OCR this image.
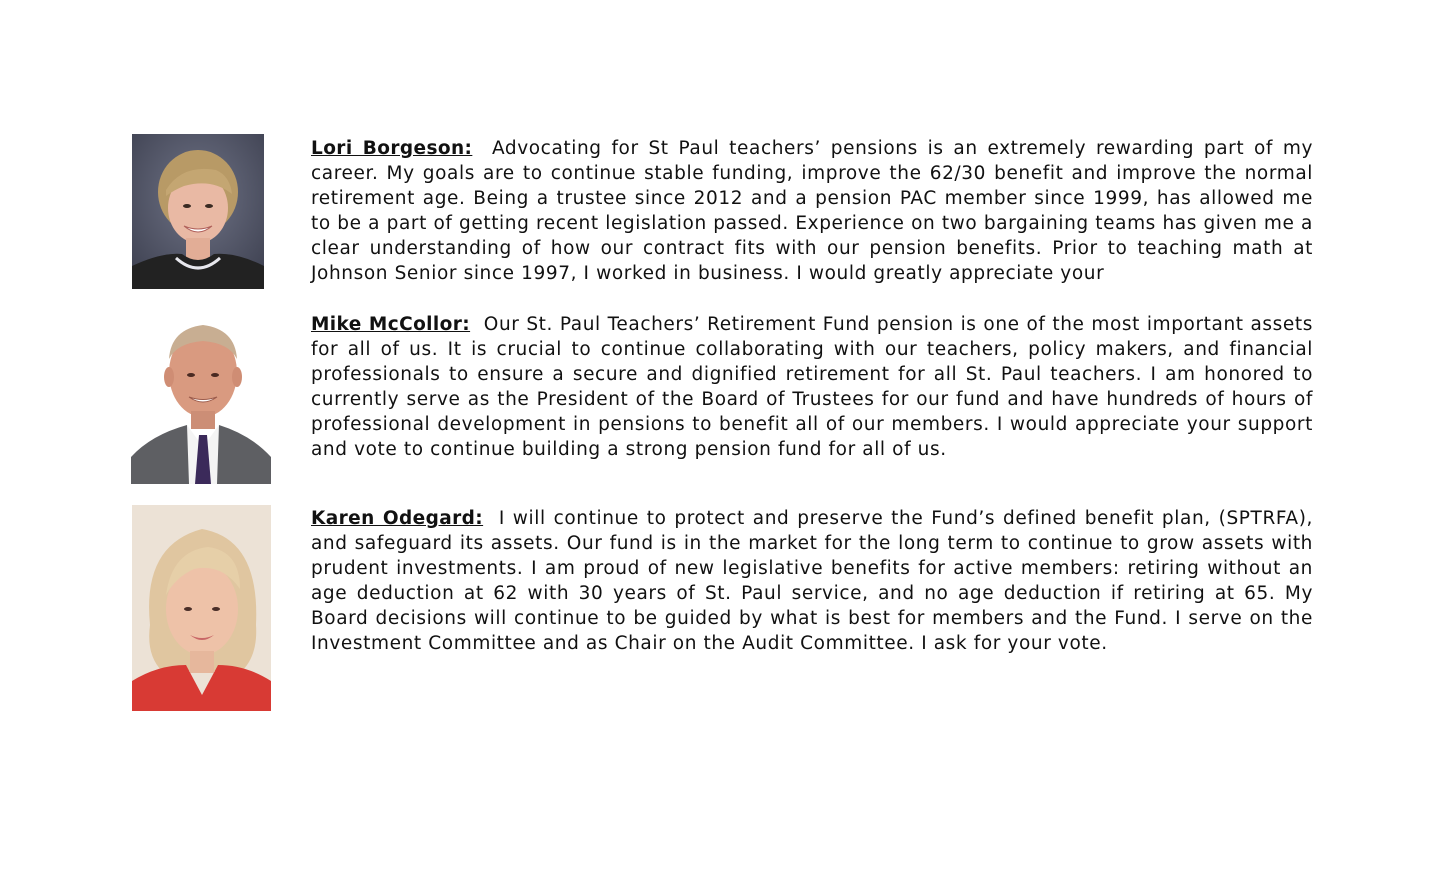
Lori Borgeson: Advocating for St Paul teachers’ pensions is an extremely rewarding part of my career. My goals are to continue stable funding, improve the 62/30 benefit and improve the normal retirement age. Being a trustee since 2012 and a pension PAC member since 1999, has allowed me to be a part of getting recent legislation passed. Experience on two bargaining teams has given me a clear understanding of how our contract fits with our pension benefits. Prior to teaching math at Johnson Senior since 1997, I worked in business. I would greatly appreciate your

Mike McCollor: Our St. Paul Teachers’ Retirement Fund pension is one of the most important assets for all of us. It is crucial to continue collaborating with our teachers, policy makers, and financial professionals to ensure a secure and dignified retirement for all St. Paul teachers. I am honored to currently serve as the President of the Board of Trustees for our fund and have hundreds of hours of professional development in pensions to benefit all of our members. I would appreciate your support and vote to continue building a strong pension fund for all of us.

Karen Odegard: I will continue to protect and preserve the Fund’s defined benefit plan, (SPTRFA), and safeguard its assets. Our fund is in the market for the long term to continue to grow assets with prudent investments. I am proud of new legislative benefits for active members: retiring without an age deduction at 62 with 30 years of St. Paul service, and no age deduction if retiring at 65. My Board decisions will continue to be guided by what is best for members and the Fund. I serve on the Investment Committee and as Chair on the Audit Committee. I ask for your vote.
